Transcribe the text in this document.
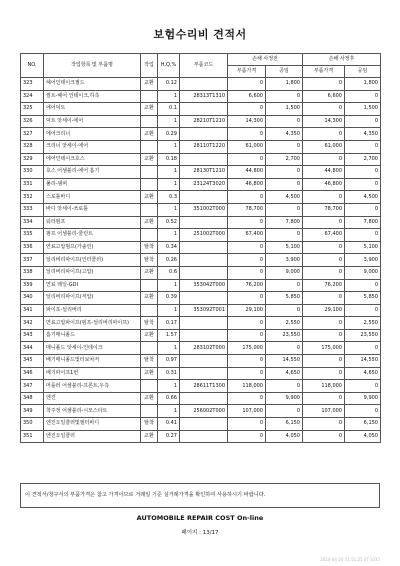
보험수리비 견적서
NO.	작업항목 및 부품명	작업	H.Q,%	부품코드	손해 사정전		손해 사정후	
					부품가격	공임	부품가격	공임
323	헤어인테이크필드	교환	0.12		0	1,800	0	1,800
324	씰트-헤어 인테이크,하측		1	28313T1310	6,600	0	6,600	0
325	에어덕트	교환	0.1		0	1,500	0	1,500
326	덕트 앗세이-에어		1	28210T1210	14,300	0	14,300	0
327	에어크리너	교환	0.29		0	4,350	0	4,350
328	크리너 앗세이-에어		1	28110T1220	61,000	0	61,000	0
329	에어인테이크호스	교환	0.18		0	2,700	0	2,700
330	호스 어셈블리-에어 흡기		1	28130T1210	44,800	0	44,800	0
331	풀리-댐퍼		1	23124T3020	46,800	0	46,800	0
332	스로틀바디	교환	0.3		0	4,500	0	4,500
333	바디 앗세이-쓰로틀		1	351002T000	78,700	0	78,700	0
334	워터펌프	교환	0.52		0	7,800	0	7,800
335	펌프 어셈블리-쿨런트		1	251002T000	67,400	0	67,400	0
336	연료고압펌프(가솔린)	탈착	0.34		0	5,100	0	5,100
337	딜리버리파이프(인터쿨러)	탈착	0.26		0	3,900	0	3,900
338	딜리버리파이프(고압)	교환	0.6		0	9,000	0	9,000
339	연료 레일-GDI		1	353042T000	76,200	0	76,200	0
340	딜리버리파이프(저압)	교환	0.39		0	5,850	0	5,850
341	파이프-딜리버리		1	353092T001	29,100	0	29,100	0
342	연료고압파이프(펌프-딜리버리파이프)	탈착	0.17		0	2,550	0	2,550
343	흡기매니폴드	교환	1.57		0	23,550	0	23,550
344	매니폴드 앗세이-인테이크		1	283102T000	175,000	0	175,000	0
345	배기매니폴드및터보차저	탈착	0.97		0	14,550	0	14,550
346	배기파이프1번	교환	0.31		0	4,650	0	4,650
347	머플러 어셈블리-프론트,우측		1	28611T1300	118,000	0	118,000	0
348	엔진	교환	0.66		0	9,900	0	9,900
349	착주정 어셈블리-시모스타트		1	256002T000	107,000	0	107,000	0
350	엔진오일쿨러및필터바디	탈착	0.41		0	6,150	0	6,150
351	엔진오일쿨러	교환	0.27		0	4,050	0	4,050
이 견적서/청구서의 부품가격은 참고 가격이므로 거래일 기준 실거래가격을 확인하여 사용하시기 바랍니다.
AUTOMOBILE REPAIR COST On-line
페이지 : 13/17
2024-04-26 11:51:25 ST:1035
